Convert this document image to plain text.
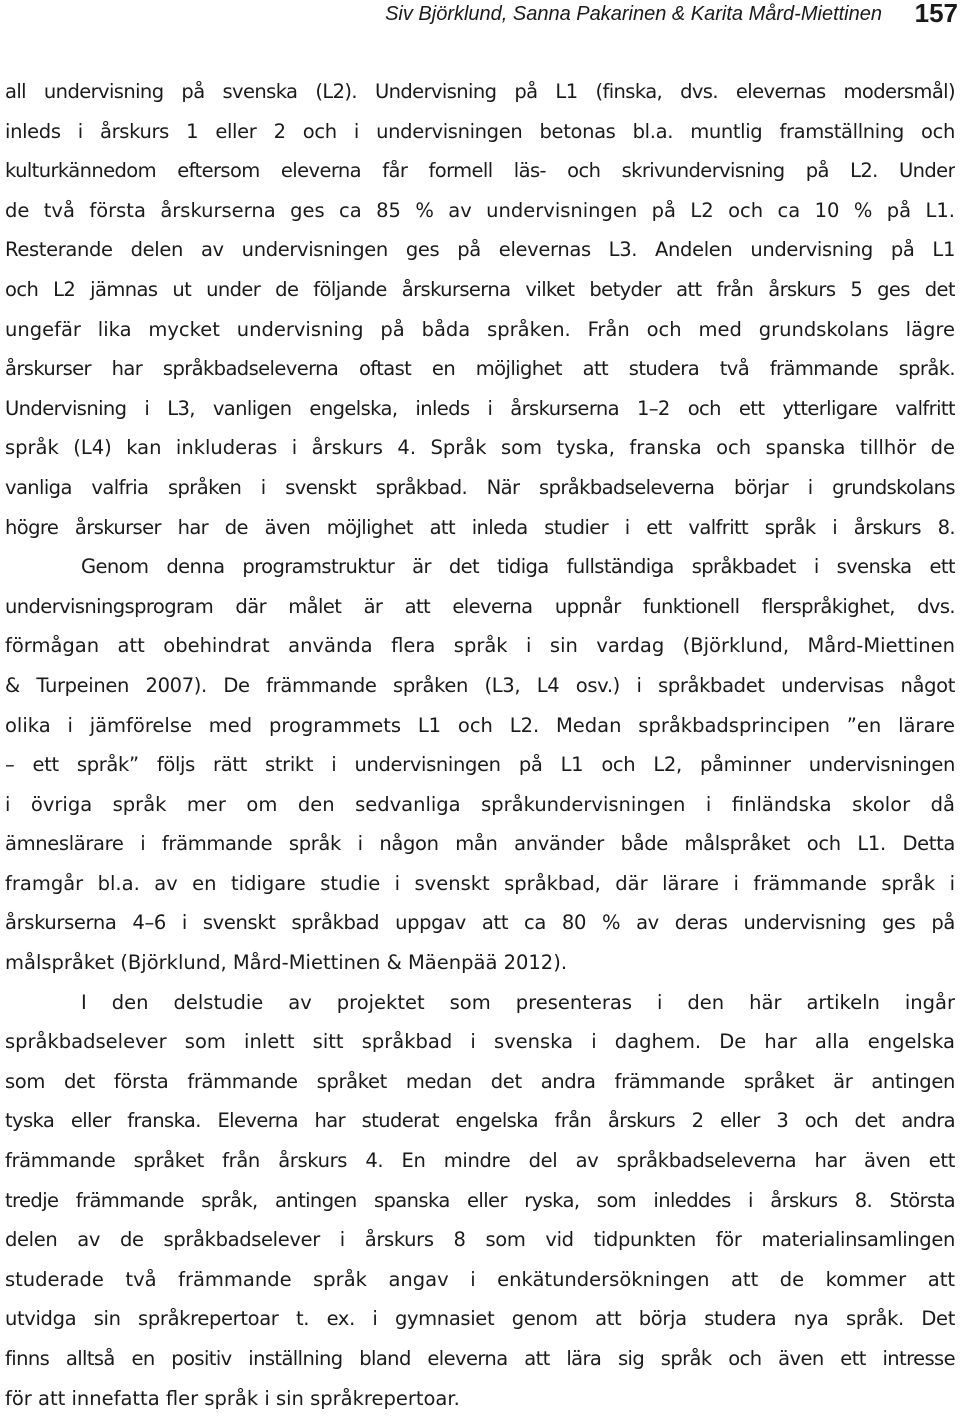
Siv Björklund, Sanna Pakarinen & Karita Mård-Miettinen 157
all undervisning på svenska (L2). Undervisning på L1 (finska, dvs. elevernas modersmål)
inleds i årskurs 1 eller 2 och i undervisningen betonas bl.a. muntlig framställning och
kulturkännedom eftersom eleverna får formell läs- och skrivundervisning på L2. Under
de två första årskurserna ges ca 85 % av undervisningen på L2 och ca 10 % på L1.
Resterande delen av undervisningen ges på elevernas L3. Andelen undervisning på L1
och L2 jämnas ut under de följande årskurserna vilket betyder att från årskurs 5 ges det
ungefär lika mycket undervisning på båda språken. Från och med grundskolans lägre
årskurser har språkbadseleverna oftast en möjlighet att studera två främmande språk.
Undervisning i L3, vanligen engelska, inleds i årskurserna 1–2 och ett ytterligare valfritt
språk (L4) kan inkluderas i årskurs 4. Språk som tyska, franska och spanska tillhör de
vanliga valfria språken i svenskt språkbad. När språkbadseleverna börjar i grundskolans
högre årskurser har de även möjlighet att inleda studier i ett valfritt språk i årskurs 8.
Genom denna programstruktur är det tidiga fullständiga språkbadet i svenska ett
undervisningsprogram där målet är att eleverna uppnår funktionell flerspråkighet, dvs.
förmågan att obehindrat använda flera språk i sin vardag (Björklund, Mård-Miettinen
& Turpeinen 2007). De främmande språken (L3, L4 osv.) i språkbadet undervisas något
olika i jämförelse med programmets L1 och L2. Medan språkbadsprincipen ”en lärare
– ett språk” följs rätt strikt i undervisningen på L1 och L2, påminner undervisningen
i övriga språk mer om den sedvanliga språkundervisningen i finländska skolor då
ämneslärare i främmande språk i någon mån använder både målspråket och L1. Detta
framgår bl.a. av en tidigare studie i svenskt språkbad, där lärare i främmande språk i
årskurserna 4–6 i svenskt språkbad uppgav att ca 80 % av deras undervisning ges på
målspråket (Björklund, Mård-Miettinen & Mäenpää 2012).
I den delstudie av projektet som presenteras i den här artikeln ingår
språkbadselever som inlett sitt språkbad i svenska i daghem. De har alla engelska
som det första främmande språket medan det andra främmande språket är antingen
tyska eller franska. Eleverna har studerat engelska från årskurs 2 eller 3 och det andra
främmande språket från årskurs 4. En mindre del av språkbadseleverna har även ett
tredje främmande språk, antingen spanska eller ryska, som inleddes i årskurs 8. Största
delen av de språkbadselever i årskurs 8 som vid tidpunkten för materialinsamlingen
studerade två främmande språk angav i enkätundersökningen att de kommer att
utvidga sin språkrepertoar t. ex. i gymnasiet genom att börja studera nya språk. Det
finns alltså en positiv inställning bland eleverna att lära sig språk och även ett intresse
för att innefatta fler språk i sin språkrepertoar.
